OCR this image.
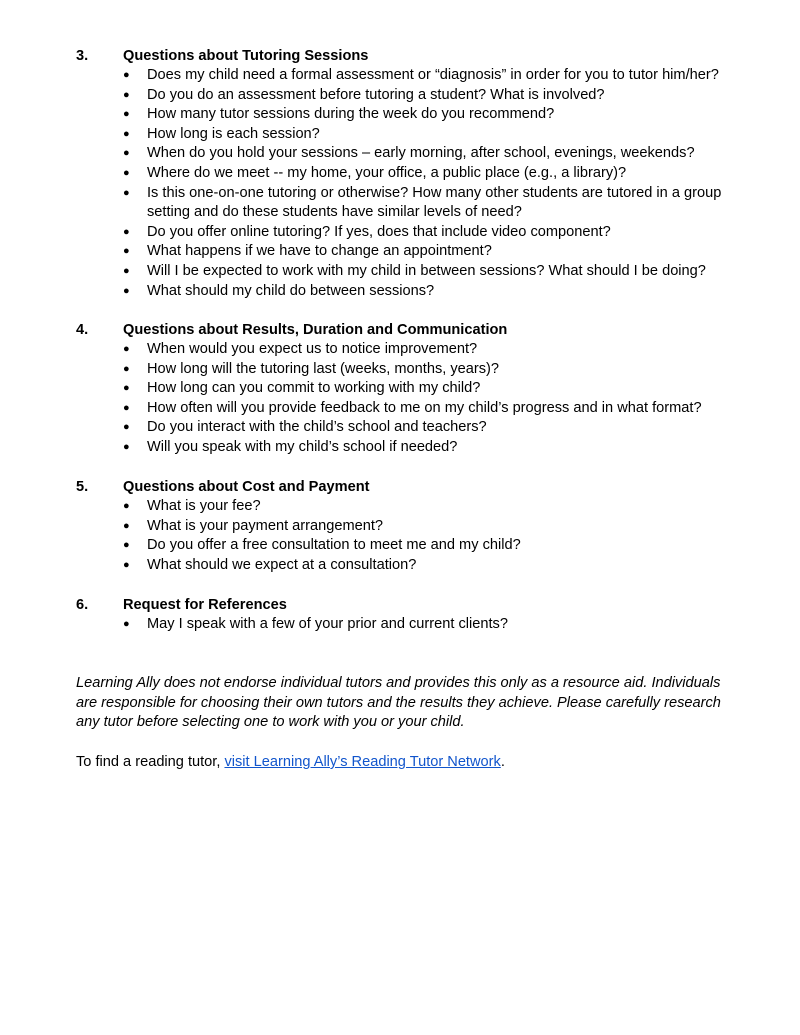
3. Questions about Tutoring Sessions
● Does my child need a formal assessment or “diagnosis” in order for you to tutor him/her?
● Do you do an assessment before tutoring a student? What is involved?
● How many tutor sessions during the week do you recommend?
● How long is each session?
● When do you hold your sessions – early morning, after school, evenings, weekends?
● Where do we meet -- my home, your office, a public place (e.g., a library)?
● Is this one-on-one tutoring or otherwise? How many other students are tutored in a group setting and do these students have similar levels of need?
● Do you offer online tutoring? If yes, does that include video component?
● What happens if we have to change an appointment?
● Will I be expected to work with my child in between sessions? What should I be doing?
● What should my child do between sessions?
4. Questions about Results, Duration and Communication
● When would you expect us to notice improvement?
● How long will the tutoring last (weeks, months, years)?
● How long can you commit to working with my child?
● How often will you provide feedback to me on my child’s progress and in what format?
● Do you interact with the child’s school and teachers?
● Will you speak with my child’s school if needed?
5. Questions about Cost and Payment
● What is your fee?
● What is your payment arrangement?
● Do you offer a free consultation to meet me and my child?
● What should we expect at a consultation?
6. Request for References
● May I speak with a few of your prior and current clients?

Learning Ally does not endorse individual tutors and provides this only as a resource aid. Individuals are responsible for choosing their own tutors and the results they achieve. Please carefully research any tutor before selecting one to work with you or your child.

To find a reading tutor, visit Learning Ally’s Reading Tutor Network.
